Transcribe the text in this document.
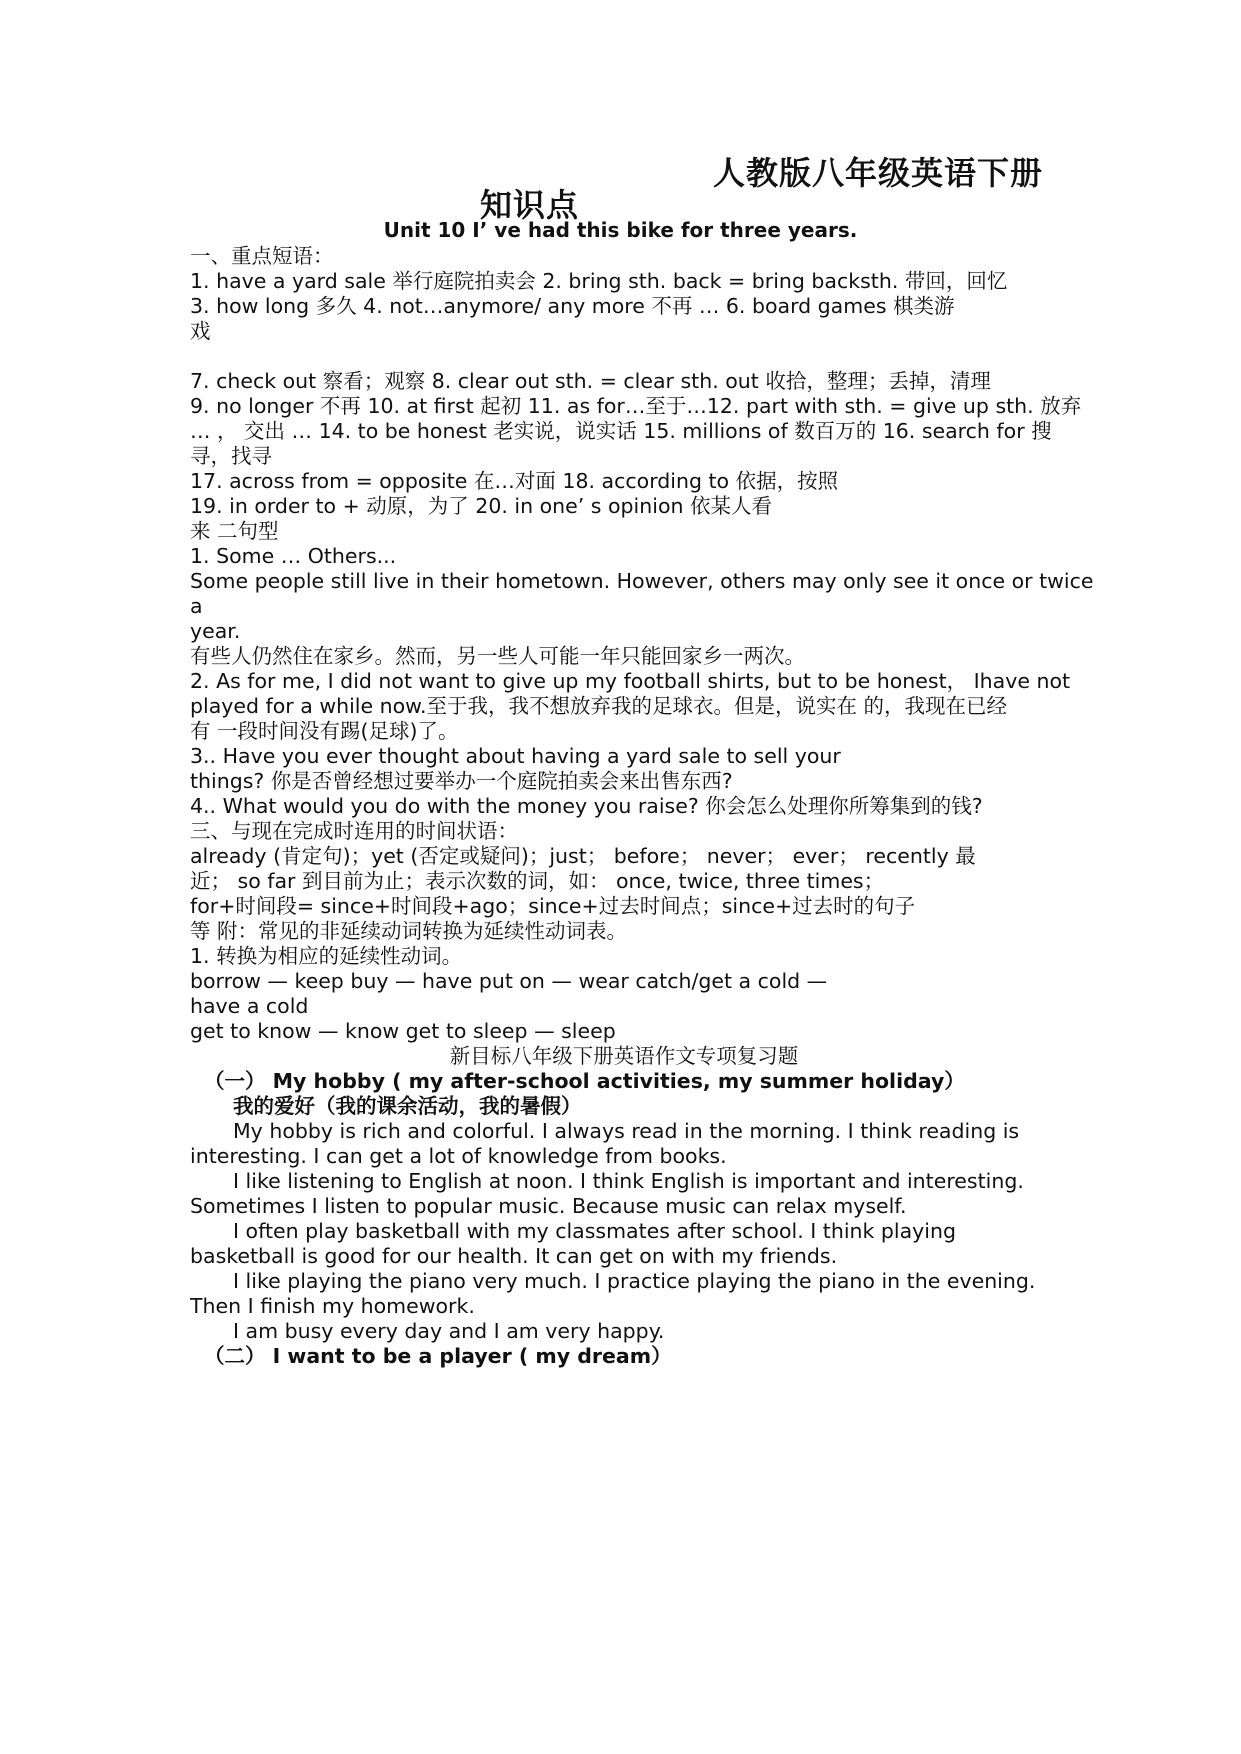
人教版八年级英语下册
知识点
Unit 10 I’ ve had this bike for three years.

一、重点短语：

1. have a yard sale 举行庭院拍卖会 2. bring sth. back = bring backsth. 带回，回忆

3. how long 多久 4. not…anymore/ any more 不再 … 6. board games 棋类游

戏

7. check out 察看；观察 8. clear out sth. = clear sth. out 收拾，整理；丢掉，清理

9. no longer 不再 10. at first 起初 11. as for…至于…12. part with sth. = give up sth. 放弃

… ， 交出 … 14. to be honest 老实说，说实话 15. millions of 数百万的 16. search for 搜

寻，找寻

17. across from = opposite 在…对面 18. according to 依据，按照

19. in order to + 动原，为了 20. in one’ s opinion 依某人看

来 二句型

1. Some … Others...

Some people still live in their hometown. However, others may only see it once or twice

a

year.

有些人仍然住在家乡。然而，另一些人可能一年只能回家乡一两次。

2. As for me, I did not want to give up my football shirts, but to be honest， Ihave not

played for a while now.至于我，我不想放弃我的足球衣。但是，说实在 的，我现在已经

有 一段时间没有踢(足球)了。

3.. Have you ever thought about having a yard sale to sell your

things? 你是否曾经想过要举办一个庭院拍卖会来出售东西?

4.. What would you do with the money you raise? 你会怎么处理你所筹集到的钱?

三、与现在完成时连用的时间状语：

already (肯定句)；yet (否定或疑问)；just； before； never； ever； recently 最

近； so far 到目前为止；表示次数的词，如： once, twice, three times；

for+时间段= since+时间段+ago；since+过去时间点；since+过去时的句子

等 附：常见的非延续动词转换为延续性动词表。

1. 转换为相应的延续性动词。

borrow — keep buy — have put on — wear catch/get a cold —

have a cold

get to know — know get to sleep — sleep

新目标八年级下册英语作文专项复习题

（一） My hobby ( my after-school activities, my summer holiday）

我的爱好（我的课余活动，我的暑假）

My hobby is rich and colorful. I always read in the morning. I think reading is interesting. I can get a lot of knowledge from books.

I like listening to English at noon. I think English is important and interesting. Sometimes I listen to popular music. Because music can relax myself.

I often play basketball with my classmates after school. I think playing basketball is good for our health. It can get on with my friends.

I like playing the piano very much. I practice playing the piano in the evening. Then I finish my homework.

I am busy every day and I am very happy.

（二） I want to be a player ( my dream）
